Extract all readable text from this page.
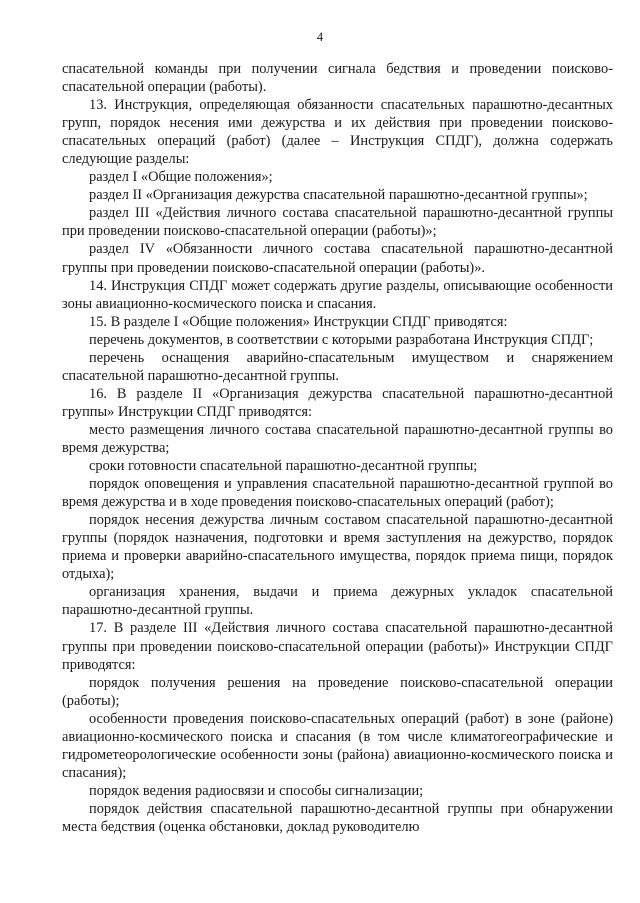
4

спасательной команды при получении сигнала бедствия и проведении поисково-спасательной операции (работы).

13. Инструкция, определяющая обязанности спасательных парашютно-десантных групп, порядок несения ими дежурства и их действия при проведении поисково-спасательных операций (работ) (далее – Инструкция СПДГ), должна содержать следующие разделы:

раздел I «Общие положения»;

раздел II «Организация дежурства спасательной парашютно-десантной группы»;

раздел III «Действия личного состава спасательной парашютно-десантной группы при проведении поисково-спасательной операции (работы)»;

раздел IV «Обязанности личного состава спасательной парашютно-десантной группы при проведении поисково-спасательной операции (работы)».

14. Инструкция СПДГ может содержать другие разделы, описывающие особенности зоны авиационно-космического поиска и спасания.

15. В разделе I «Общие положения» Инструкции СПДГ приводятся:

перечень документов, в соответствии с которыми разработана Инструкция СПДГ;

перечень оснащения аварийно-спасательным имуществом и снаряжением спасательной парашютно-десантной группы.

16. В разделе II «Организация дежурства спасательной парашютно-десантной группы» Инструкции СПДГ приводятся:

место размещения личного состава спасательной парашютно-десантной группы во время дежурства;

сроки готовности спасательной парашютно-десантной группы;

порядок оповещения и управления спасательной парашютно-десантной группой во время дежурства и в ходе проведения поисково-спасательных операций (работ);

порядок несения дежурства личным составом спасательной парашютно-десантной группы (порядок назначения, подготовки и время заступления на дежурство, порядок приема и проверки аварийно-спасательного имущества, порядок приема пищи, порядок отдыха);

организация хранения, выдачи и приема дежурных укладок спасательной парашютно-десантной группы.

17. В разделе III «Действия личного состава спасательной парашютно-десантной группы при проведении поисково-спасательной операции (работы)» Инструкции СПДГ приводятся:

порядок получения решения на проведение поисково-спасательной операции (работы);

особенности проведения поисково-спасательных операций (работ) в зоне (районе) авиационно-космического поиска и спасания (в том числе климатогеографические и гидрометеорологические особенности зоны (района) авиационно-космического поиска и спасания);

порядок ведения радиосвязи и способы сигнализации;

порядок действия спасательной парашютно-десантной группы при обнаружении места бедствия (оценка обстановки, доклад руководителю
